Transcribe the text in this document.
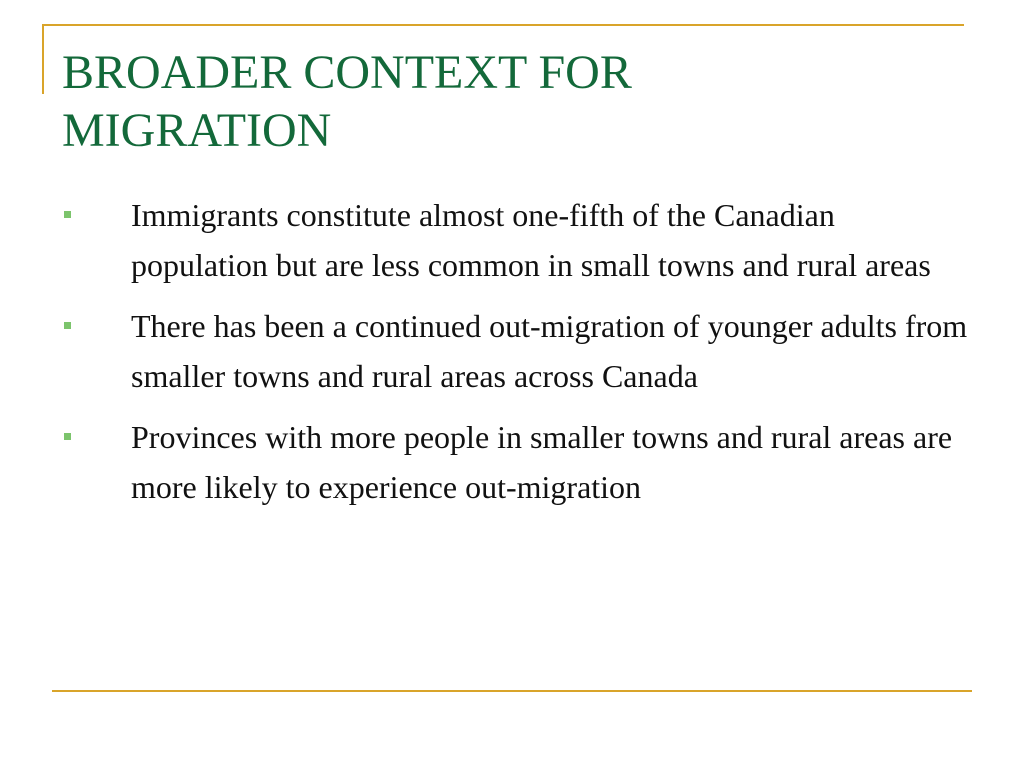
BROADER CONTEXT FOR
MIGRATION
Immigrants constitute almost one-fifth of the Canadian population but are less common in small towns and rural areas
There has been a continued out-migration of younger adults from smaller towns and rural areas across Canada
Provinces with more people in smaller towns and rural areas are more likely to experience out-migration
